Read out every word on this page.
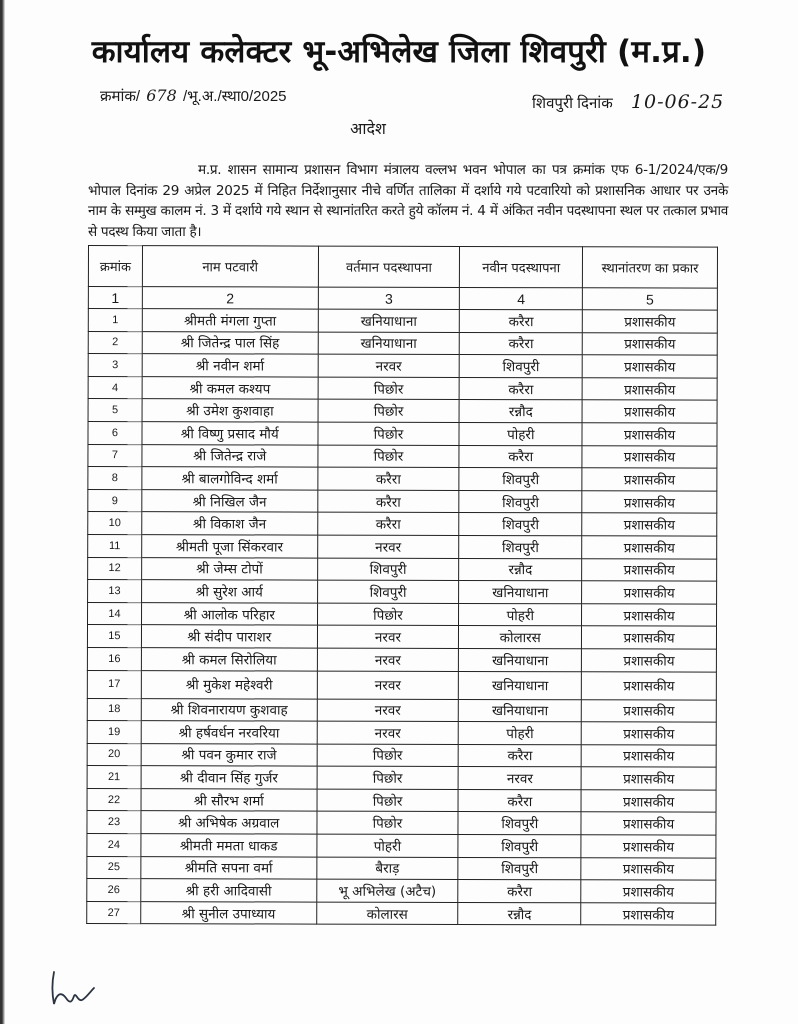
कार्यालय कलेक्टर भू-अभिलेख जिला शिवपुरी (म.प्र.)
क्रमांक/ 678 /भू.अ./स्था0/2025	शिवपुरी दिनांक 10-06-25
आदेश
म.प्र. शासन सामान्य प्रशासन विभाग मंत्रालय वल्लभ भवन भोपाल का पत्र क्रमांक एफ 6-1/2024/एक/9 भोपाल दिनांक 29 अप्रेल 2025 में निहित निर्देशानुसार नीचे वर्णित तालिका में दर्शाये गये पटवारियो को प्रशासनिक आधार पर उनके नाम के सम्मुख कालम नं. 3 में दर्शाये गये स्थान से स्थानांतरित करते हुये कॉलम नं. 4 में अंकित नवीन पदस्थापना स्थल पर तत्काल प्रभाव से पदस्थ किया जाता है।
क्रमांक	नाम पटवारी	वर्तमान पदस्थापना	नवीन पदस्थापना	स्थानांतरण का प्रकार
1	2	3	4	5
1	श्रीमती मंगला गुप्ता	खनियाधाना	करैरा	प्रशासकीय
2	श्री जितेन्द्र पाल सिंह	खनियाधाना	करैरा	प्रशासकीय
3	श्री नवीन शर्मा	नरवर	शिवपुरी	प्रशासकीय
4	श्री कमल कश्यप	पिछोर	करैरा	प्रशासकीय
5	श्री उमेश कुशवाहा	पिछोर	रन्नौद	प्रशासकीय
6	श्री विष्णु प्रसाद मौर्य	पिछोर	पोहरी	प्रशासकीय
7	श्री जितेन्द्र राजे	पिछोर	करैरा	प्रशासकीय
8	श्री बालगोविन्द शर्मा	करैरा	शिवपुरी	प्रशासकीय
9	श्री निखिल जैन	करैरा	शिवपुरी	प्रशासकीय
10	श्री विकाश जैन	करैरा	शिवपुरी	प्रशासकीय
11	श्रीमती पूजा सिंकरवार	नरवर	शिवपुरी	प्रशासकीय
12	श्री जेम्स टोपों	शिवपुरी	रन्नौद	प्रशासकीय
13	श्री सुरेश आर्य	शिवपुरी	खनियाधाना	प्रशासकीय
14	श्री आलोक परिहार	पिछोर	पोहरी	प्रशासकीय
15	श्री संदीप पाराशर	नरवर	कोलारस	प्रशासकीय
16	श्री कमल सिरोलिया	नरवर	खनियाधाना	प्रशासकीय
17	श्री मुकेश महेश्वरी	नरवर	खनियाधाना	प्रशासकीय
18	श्री शिवनारायण कुशवाह	नरवर	खनियाधाना	प्रशासकीय
19	श्री हर्षवर्धन नरवरिया	नरवर	पोहरी	प्रशासकीय
20	श्री पवन कुमार राजे	पिछोर	करैरा	प्रशासकीय
21	श्री दीवान सिंह गुर्जर	पिछोर	नरवर	प्रशासकीय
22	श्री सौरभ शर्मा	पिछोर	करैरा	प्रशासकीय
23	श्री अभिषेक अग्रवाल	पिछोर	शिवपुरी	प्रशासकीय
24	श्रीमती ममता धाकड	पोहरी	शिवपुरी	प्रशासकीय
25	श्रीमति सपना वर्मा	बैराड़	शिवपुरी	प्रशासकीय
26	श्री हरी आदिवासी	भू अभिलेख (अटैच)	करैरा	प्रशासकीय
27	श्री सुनील उपाध्याय	कोलारस	रन्नौद	प्रशासकीय
